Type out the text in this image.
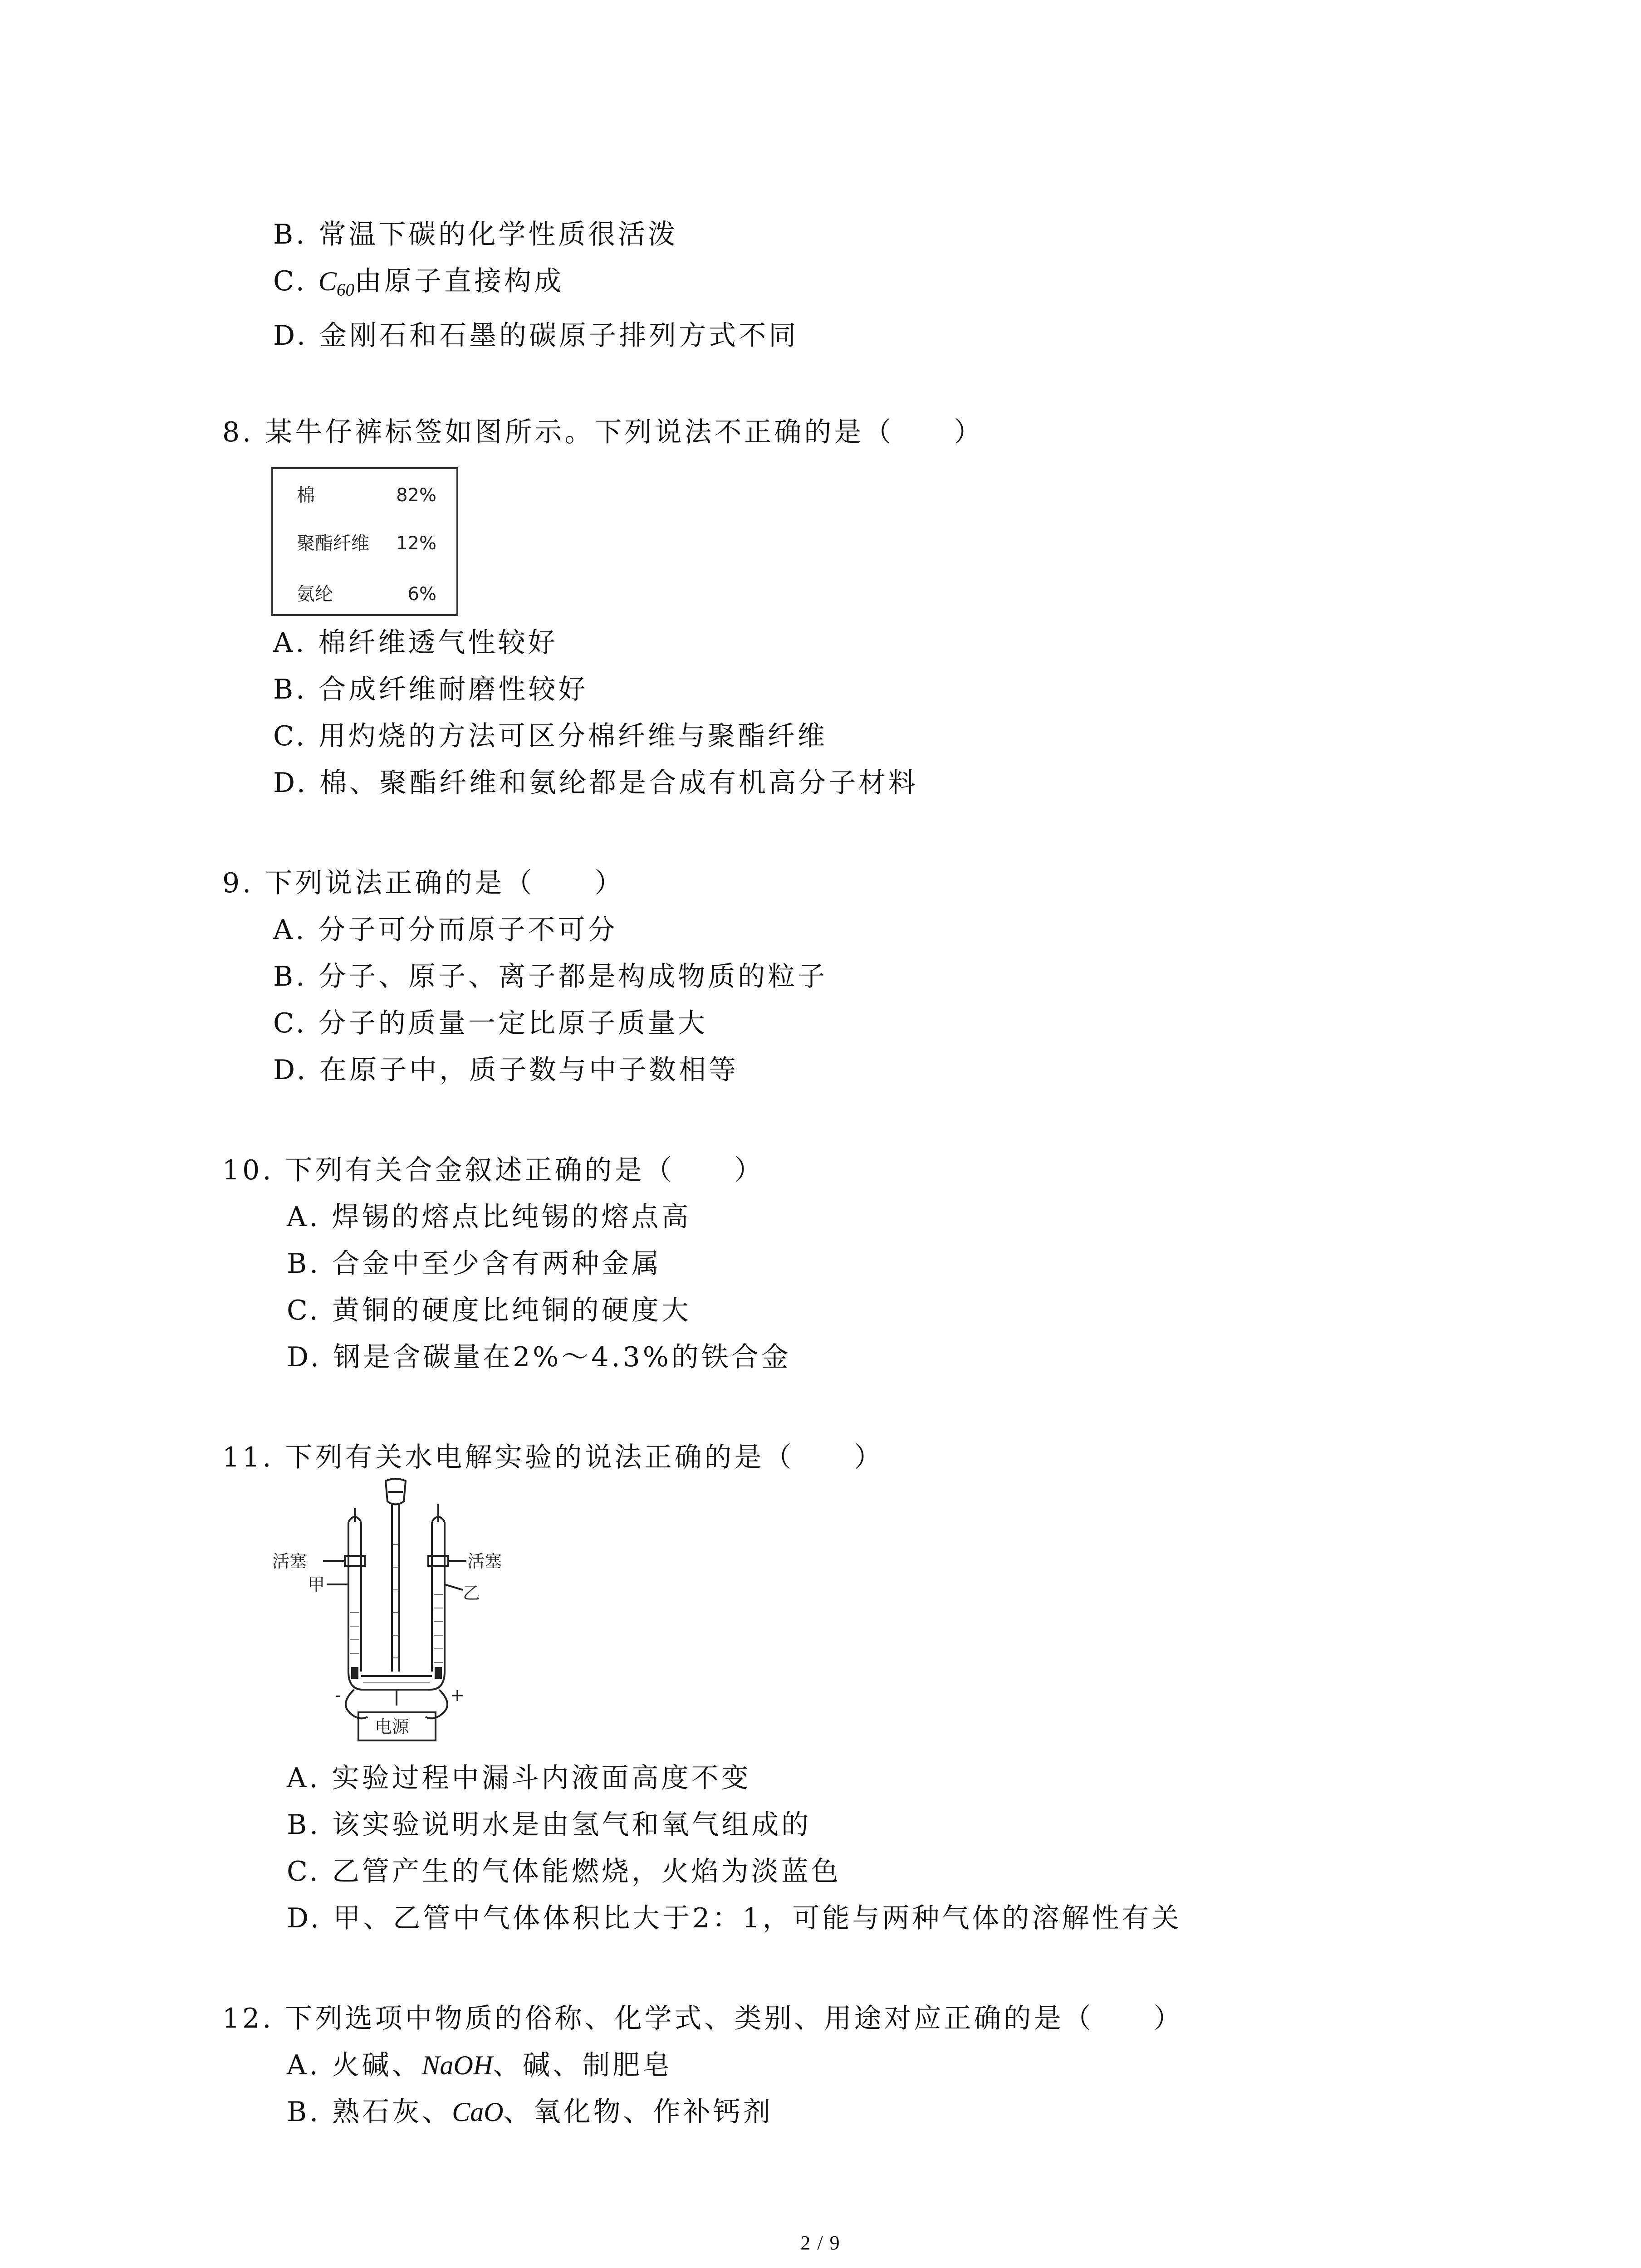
B. 常温下碳的化学性质很活泼

C. $C_{60}$由原子直接构成

D. 金刚石和石墨的碳原子排列方式不同

8. 某牛仔裤标签如图所示。下列说法不正确的是（　　）

棉	82%
聚酯纤维 12%
氨纶	6%

A. 棉纤维透气性较好

B. 合成纤维耐磨性较好

C. 用灼烧的方法可区分棉纤维与聚酯纤维

D. 棉、聚酯纤维和氨纶都是合成有机高分子材料

9. 下列说法正确的是（　　）

A. 分子可分而原子不可分

B. 分子、原子、离子都是构成物质的粒子

C. 分子的质量一定比原子质量大

D. 在原子中，质子数与中子数相等

10. 下列有关合金叙述正确的是（　　）

A. 焊锡的熔点比纯锡的熔点高

B. 合金中至少含有两种金属

C. 黄铜的硬度比纯铜的硬度大

D. 钢是含碳量在2%～4.3%的铁合金

11. 下列有关水电解实验的说法正确的是（　　）

活塞	活塞
甲	乙
-	+
电源

A. 实验过程中漏斗内液面高度不变

B. 该实验说明水是由氢气和氧气组成的

C. 乙管产生的气体能燃烧，火焰为淡蓝色

D. 甲、乙管中气体体积比大于2：1，可能与两种气体的溶解性有关

12. 下列选项中物质的俗称、化学式、类别、用途对应正确的是（　　）

A. 火碱、NaOH、碱、制肥皂

B. 熟石灰、CaO、氧化物、作补钙剂

2 / 9
